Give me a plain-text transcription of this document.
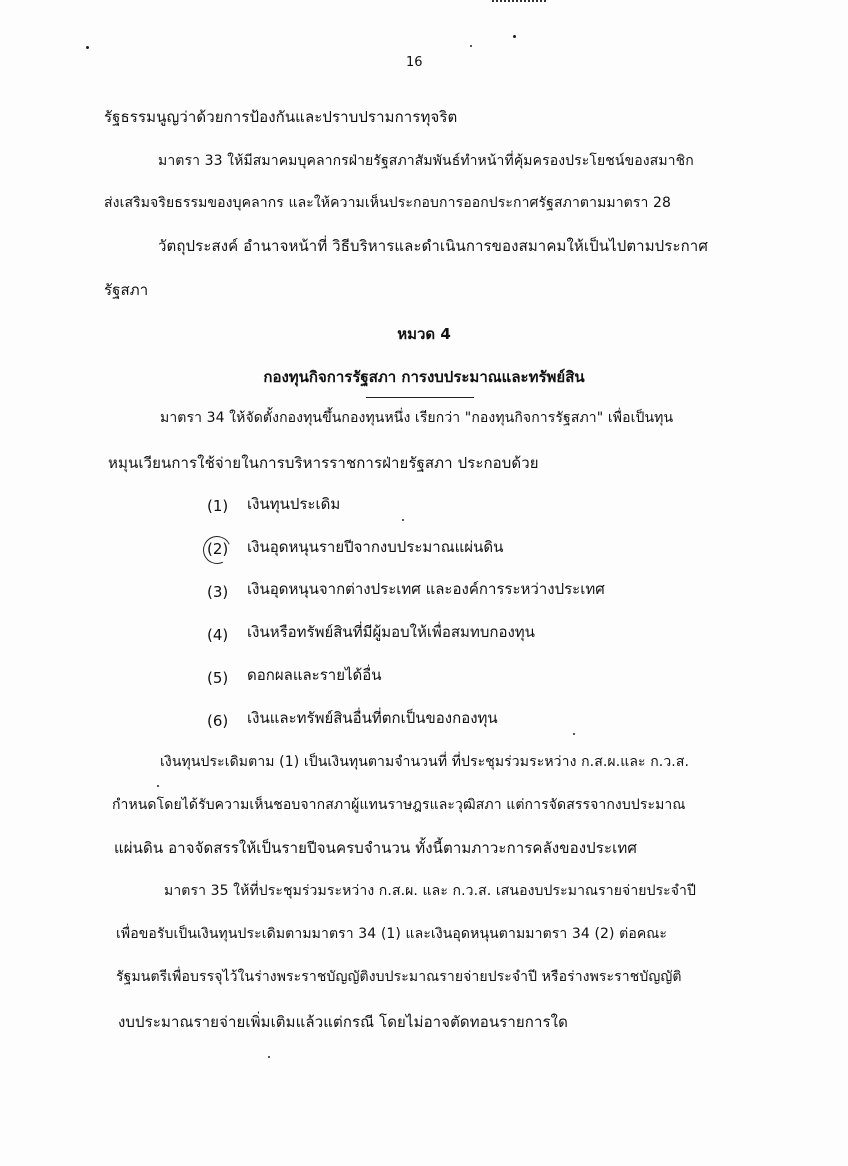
16
รัฐธรรมนูญว่าด้วยการป้องกันและปราบปรามการทุจริต
มาตรา 33 ให้มีสมาคมบุคลากรฝ่ายรัฐสภาสัมพันธ์ทำหน้าที่คุ้มครองประโยชน์ของสมาชิก
ส่งเสริมจริยธรรมของบุคลากร และให้ความเห็นประกอบการออกประกาศรัฐสภาตามมาตรา 28
วัตถุประสงค์ อำนาจหน้าที่ วิธีบริหารและดำเนินการของสมาคมให้เป็นไปตามประกาศ
รัฐสภา
หมวด 4
กองทุนกิจการรัฐสภา การงบประมาณและทรัพย์สิน
มาตรา 34 ให้จัดตั้งกองทุนขึ้นกองทุนหนึ่ง เรียกว่า "กองทุนกิจการรัฐสภา" เพื่อเป็นทุน
หมุนเวียนการใช้จ่ายในการบริหารราชการฝ่ายรัฐสภา ประกอบด้วย
(1) เงินทุนประเดิม
(2) เงินอุดหนุนรายปีจากงบประมาณแผ่นดิน
(3) เงินอุดหนุนจากต่างประเทศ และองค์การระหว่างประเทศ
(4) เงินหรือทรัพย์สินที่มีผู้มอบให้เพื่อสมทบกองทุน
(5) ดอกผลและรายได้อื่น
(6) เงินและทรัพย์สินอื่นที่ตกเป็นของกองทุน
เงินทุนประเดิมตาม (1) เป็นเงินทุนตามจำนวนที่ ที่ประชุมร่วมระหว่าง ก.ส.ผ.และ ก.ว.ส.
กำหนดโดยได้รับความเห็นชอบจากสภาผู้แทนราษฎรและวุฒิสภา แต่การจัดสรรจากงบประมาณ
แผ่นดิน อาจจัดสรรให้เป็นรายปีจนครบจำนวน ทั้งนี้ตามภาวะการคลังของประเทศ
มาตรา 35 ให้ที่ประชุมร่วมระหว่าง ก.ส.ผ. และ ก.ว.ส. เสนองบประมาณรายจ่ายประจำปี
เพื่อขอรับเป็นเงินทุนประเดิมตามมาตรา 34 (1) และเงินอุดหนุนตามมาตรา 34 (2) ต่อคณะ
รัฐมนตรีเพื่อบรรจุไว้ในร่างพระราชบัญญัติงบประมาณรายจ่ายประจำปี หรือร่างพระราชบัญญัติ
งบประมาณรายจ่ายเพิ่มเติมแล้วแต่กรณี โดยไม่อาจตัดทอนรายการใด
